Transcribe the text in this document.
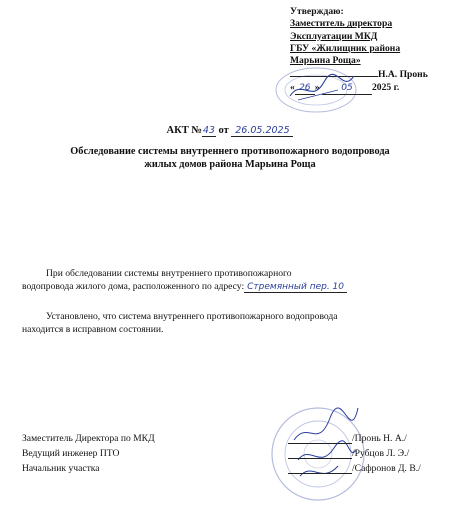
Утверждаю:
Заместитель директора
Эксплуатации МКД
ГБУ «Жилищник района
Марьина Роща»
Н.А. Пронь
« 26 » 05 2025 г.
АКТ №43 от 26.05.2025
Обследование системы внутреннего противопожарного водопровода
жилых домов района Марьина Роща
При обследовании системы внутреннего противопожарного
водопровода жилого дома, расположенного по адресу: Стремянный пер. 10
Установлено, что система внутреннего противопожарного водопровода
находится в исправном состоянии.
Заместитель Директора по МКД	/Пронь Н. А./
Ведущий инженер ПТО	/Рубцов Л. Э./
Начальник участка	/Сафронов Д. В./
